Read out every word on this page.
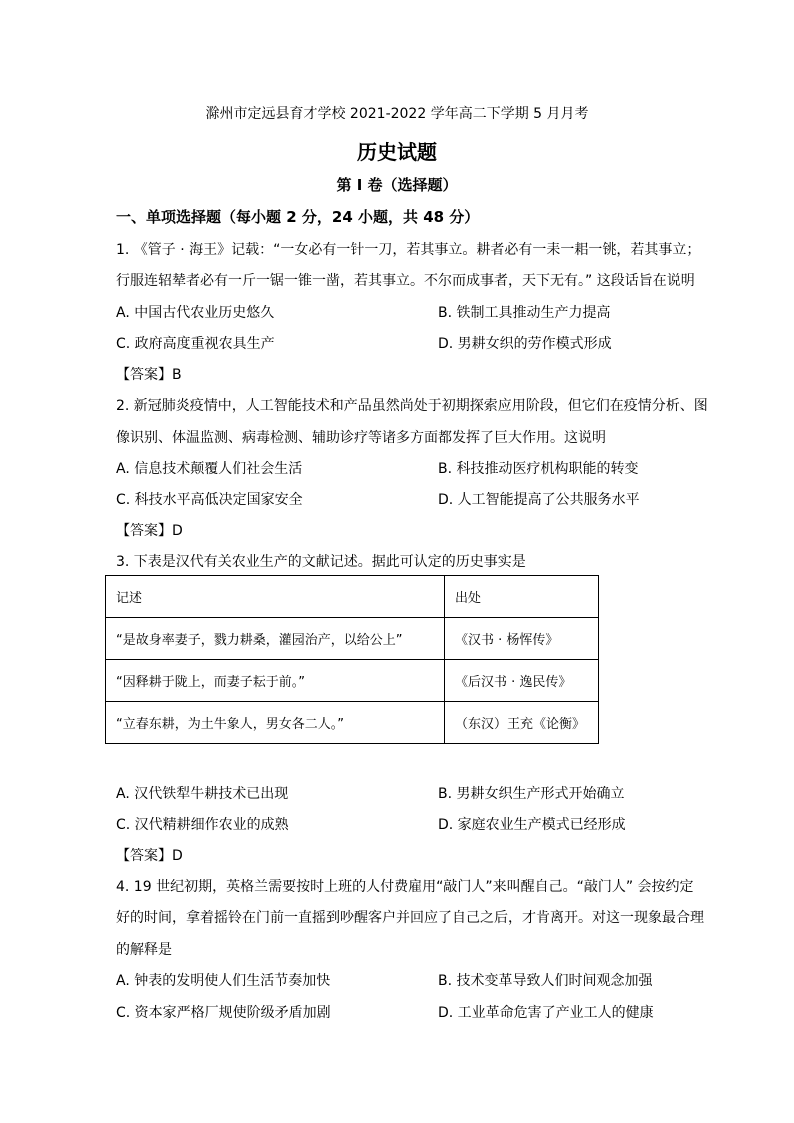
滁州市定远县育才学校 2021-2022 学年高二下学期 5 月月考
历史试题
第 I 卷（选择题）
一、单项选择题（每小题 2 分，24 小题，共 48 分）
1. 《管子 · 海王》记载：“一女必有一针一刀，若其事立。耕者必有一耒一耜一铫，若其事立；
行服连轺辇者必有一斤一锯一锥一凿，若其事立。不尔而成事者，天下无有。” 这段话旨在说明
A. 中国古代农业历史悠久	B. 铁制工具推动生产力提高
C. 政府高度重视农具生产	D. 男耕女织的劳作模式形成
【答案】B
2. 新冠肺炎疫情中，人工智能技术和产品虽然尚处于初期探索应用阶段，但它们在疫情分析、图
像识别、体温监测、病毒检测、辅助诊疗等诸多方面都发挥了巨大作用。这说明
A. 信息技术颠覆人们社会生活	B. 科技推动医疗机构职能的转变
C. 科技水平高低决定国家安全	D. 人工智能提高了公共服务水平
【答案】D
3. 下表是汉代有关农业生产的文献记述。据此可认定的历史事实是
记述	出处
“是故身率妻子，戮力耕桑，灌园治产，以给公上”	《汉书 · 杨恽传》
“因释耕于陇上，而妻子耘于前。”	《后汉书 · 逸民传》
“立春东耕，为土牛象人，男女各二人。”	（东汉）王充《论衡》
A. 汉代铁犁牛耕技术已出现	B. 男耕女织生产形式开始确立
C. 汉代精耕细作农业的成熟	D. 家庭农业生产模式已经形成
【答案】D
4. 19 世纪初期，英格兰需要按时上班的人付费雇用“敲门人”来叫醒自己。“敲门人” 会按约定
好的时间，拿着摇铃在门前一直摇到吵醒客户并回应了自己之后，才肯离开。对这一现象最合理
的解释是
A. 钟表的发明使人们生活节奏加快	B. 技术变革导致人们时间观念加强
C. 资本家严格厂规使阶级矛盾加剧	D. 工业革命危害了产业工人的健康
